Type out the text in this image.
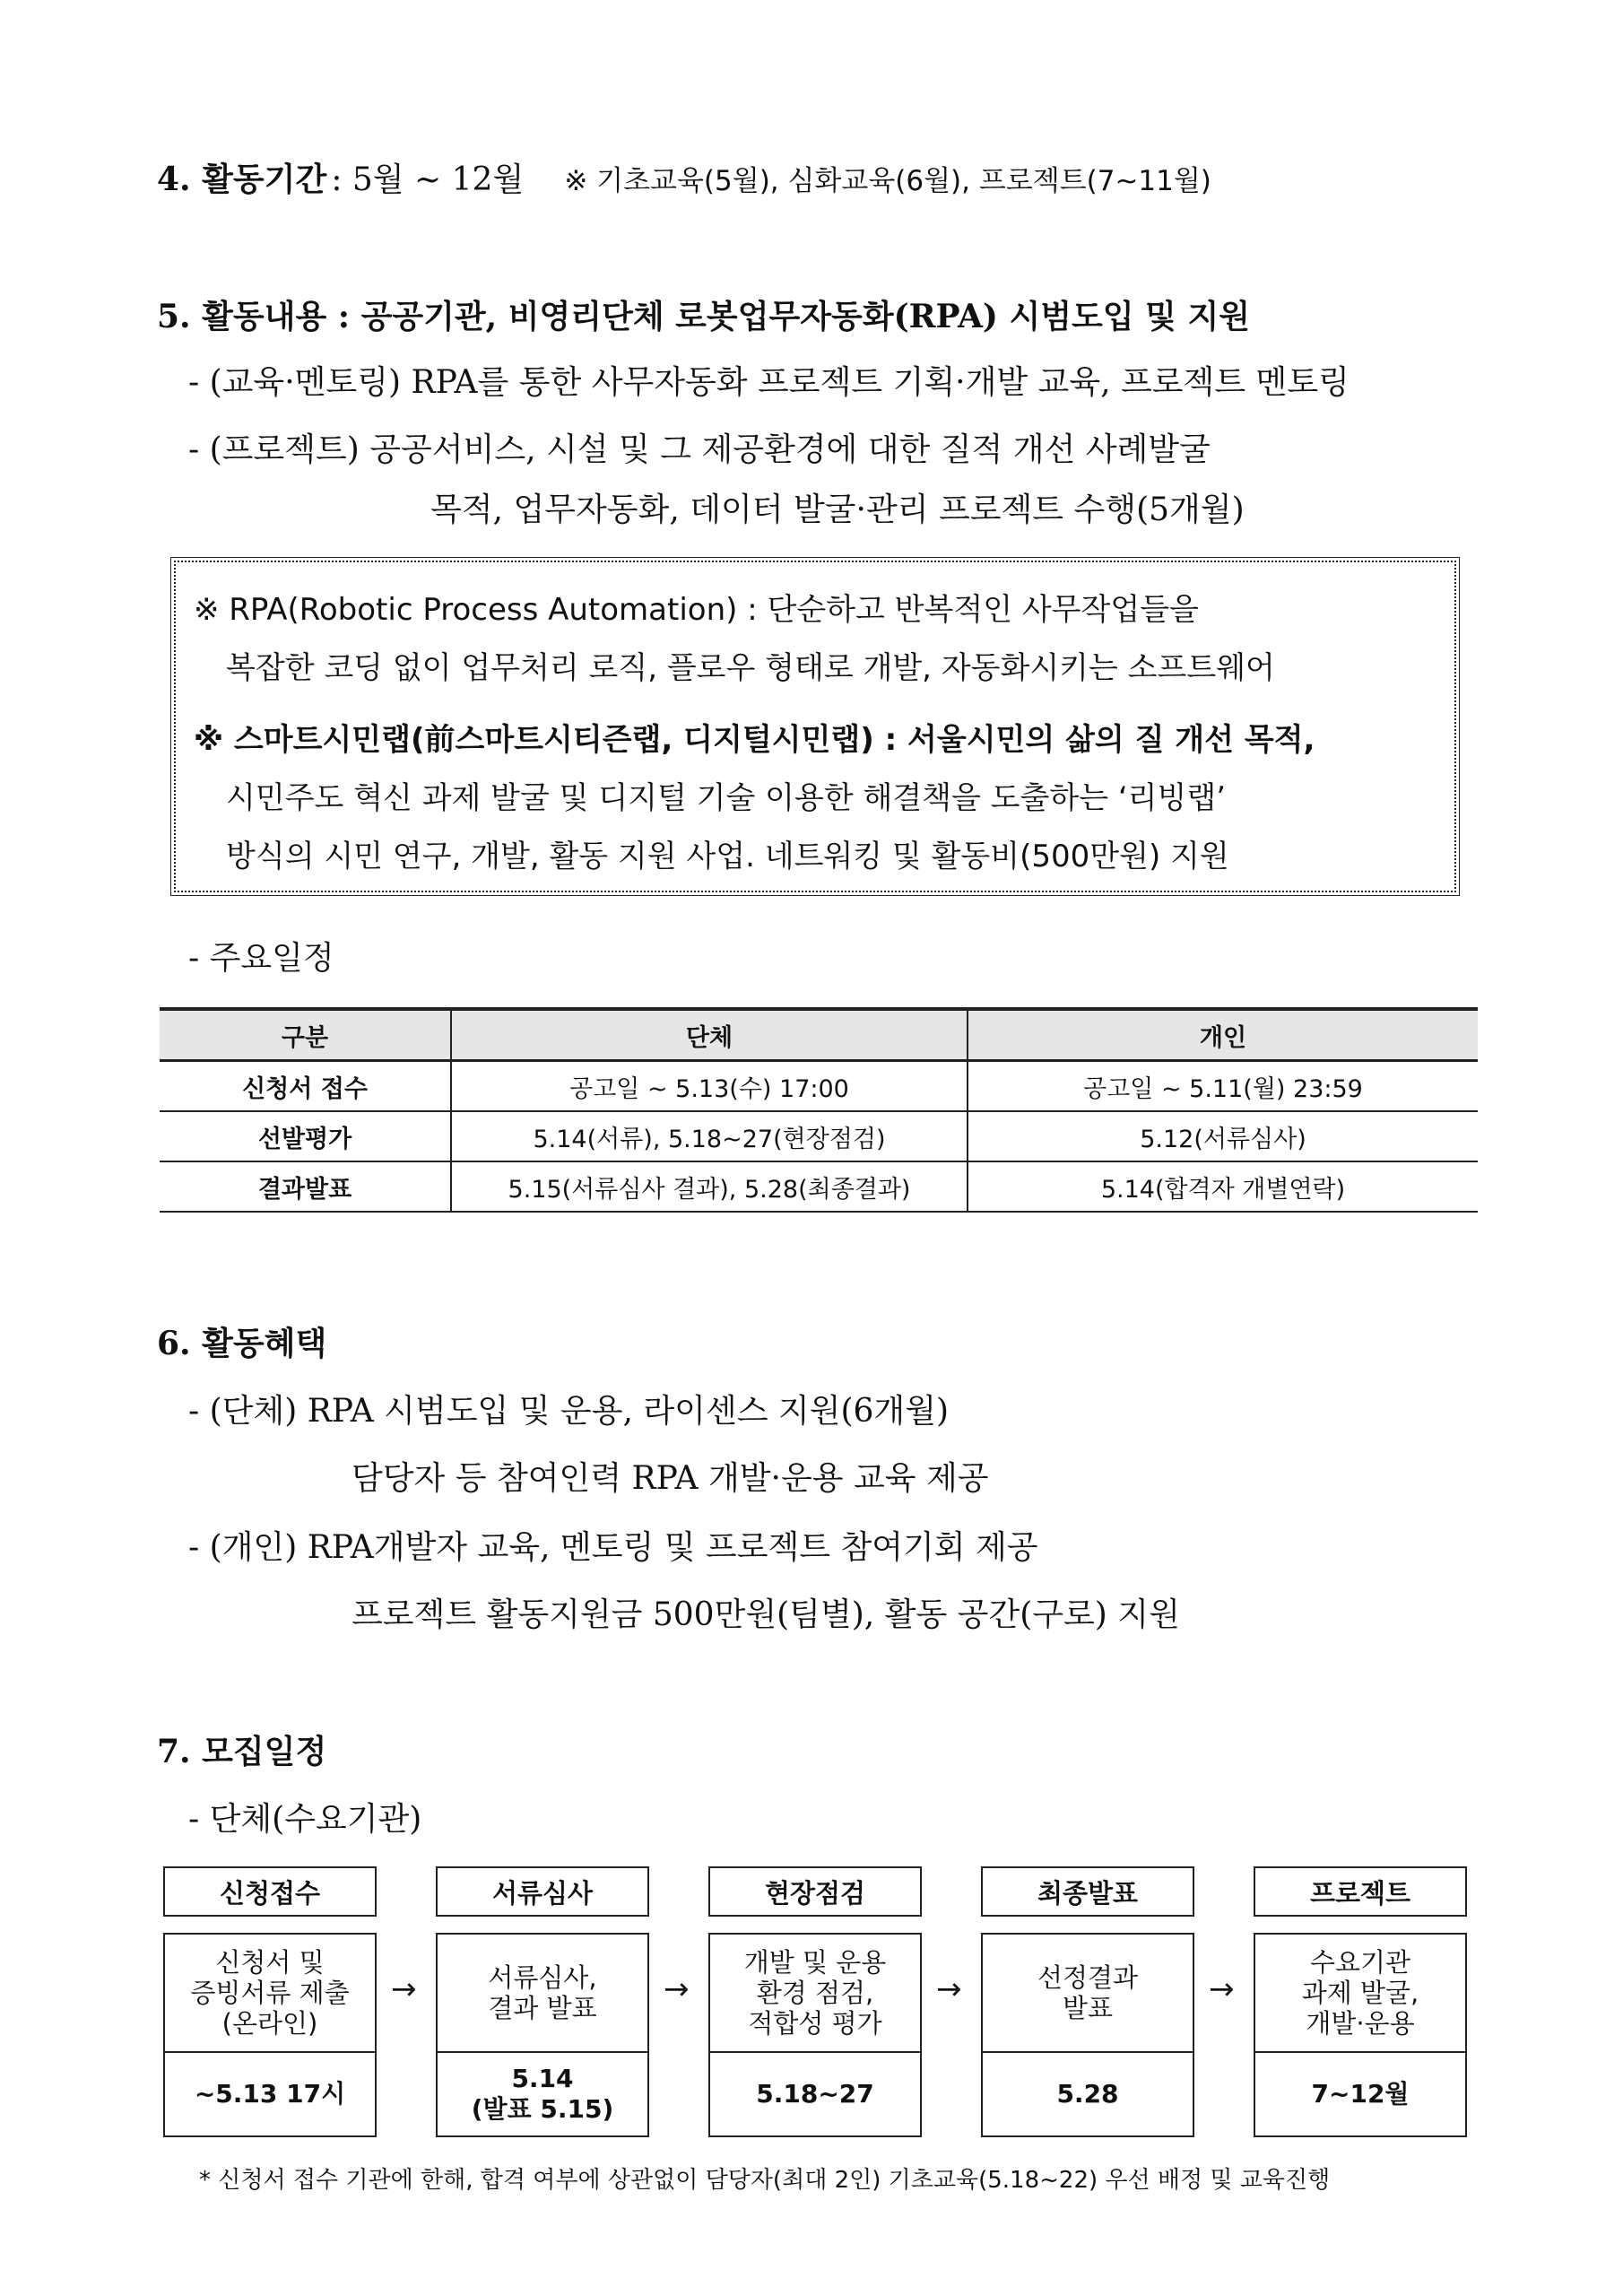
4. 활동기간 : 5월 ~ 12월 ※ 기초교육(5월), 심화교육(6월), 프로젝트(7~11월)
5. 활동내용 : 공공기관, 비영리단체 로봇업무자동화(RPA) 시범도입 및 지원
- (교육·멘토링) RPA를 통한 사무자동화 프로젝트 기획·개발 교육, 프로젝트 멘토링
- (프로젝트) 공공서비스, 시설 및 그 제공환경에 대한 질적 개선 사례발굴
목적, 업무자동화, 데이터 발굴·관리 프로젝트 수행(5개월)
※ RPA(Robotic Process Automation) : 단순하고 반복적인 사무작업들을
복잡한 코딩 없이 업무처리 로직, 플로우 형태로 개발, 자동화시키는 소프트웨어
※ 스마트시민랩(前스마트시티즌랩, 디지털시민랩) : 서울시민의 삶의 질 개선 목적,
시민주도 혁신 과제 발굴 및 디지털 기술 이용한 해결책을 도출하는 ‘리빙랩’
방식의 시민 연구, 개발, 활동 지원 사업. 네트워킹 및 활동비(500만원) 지원
- 주요일정
구분	단체	개인
신청서 접수	공고일 ~ 5.13(수) 17:00	공고일 ~ 5.11(월) 23:59
선발평가	5.14(서류), 5.18~27(현장점검)	5.12(서류심사)
결과발표	5.15(서류심사 결과), 5.28(최종결과)	5.14(합격자 개별연락)
6. 활동혜택
- (단체) RPA 시범도입 및 운용, 라이센스 지원(6개월)
담당자 등 참여인력 RPA 개발·운용 교육 제공
- (개인) RPA개발자 교육, 멘토링 및 프로젝트 참여기회 제공
프로젝트 활동지원금 500만원(팀별), 활동 공간(구로) 지원
7. 모집일정
- 단체(수요기관)
신청접수	서류심사	현장점검	최종발표	프로젝트
신청서 및
증빙서류 제출
(온라인)
~5.13 17시
서류심사,
결과 발표
5.14
(발표 5.15)
개발 및 운용
환경 점검,
적합성 평가
5.18~27
선정결과
발표
5.28
수요기관
과제 발굴,
개발·운용
7~12월
→	→	→	→
* 신청서 접수 기관에 한해, 합격 여부에 상관없이 담당자(최대 2인) 기초교육(5.18~22) 우선 배정 및 교육진행
